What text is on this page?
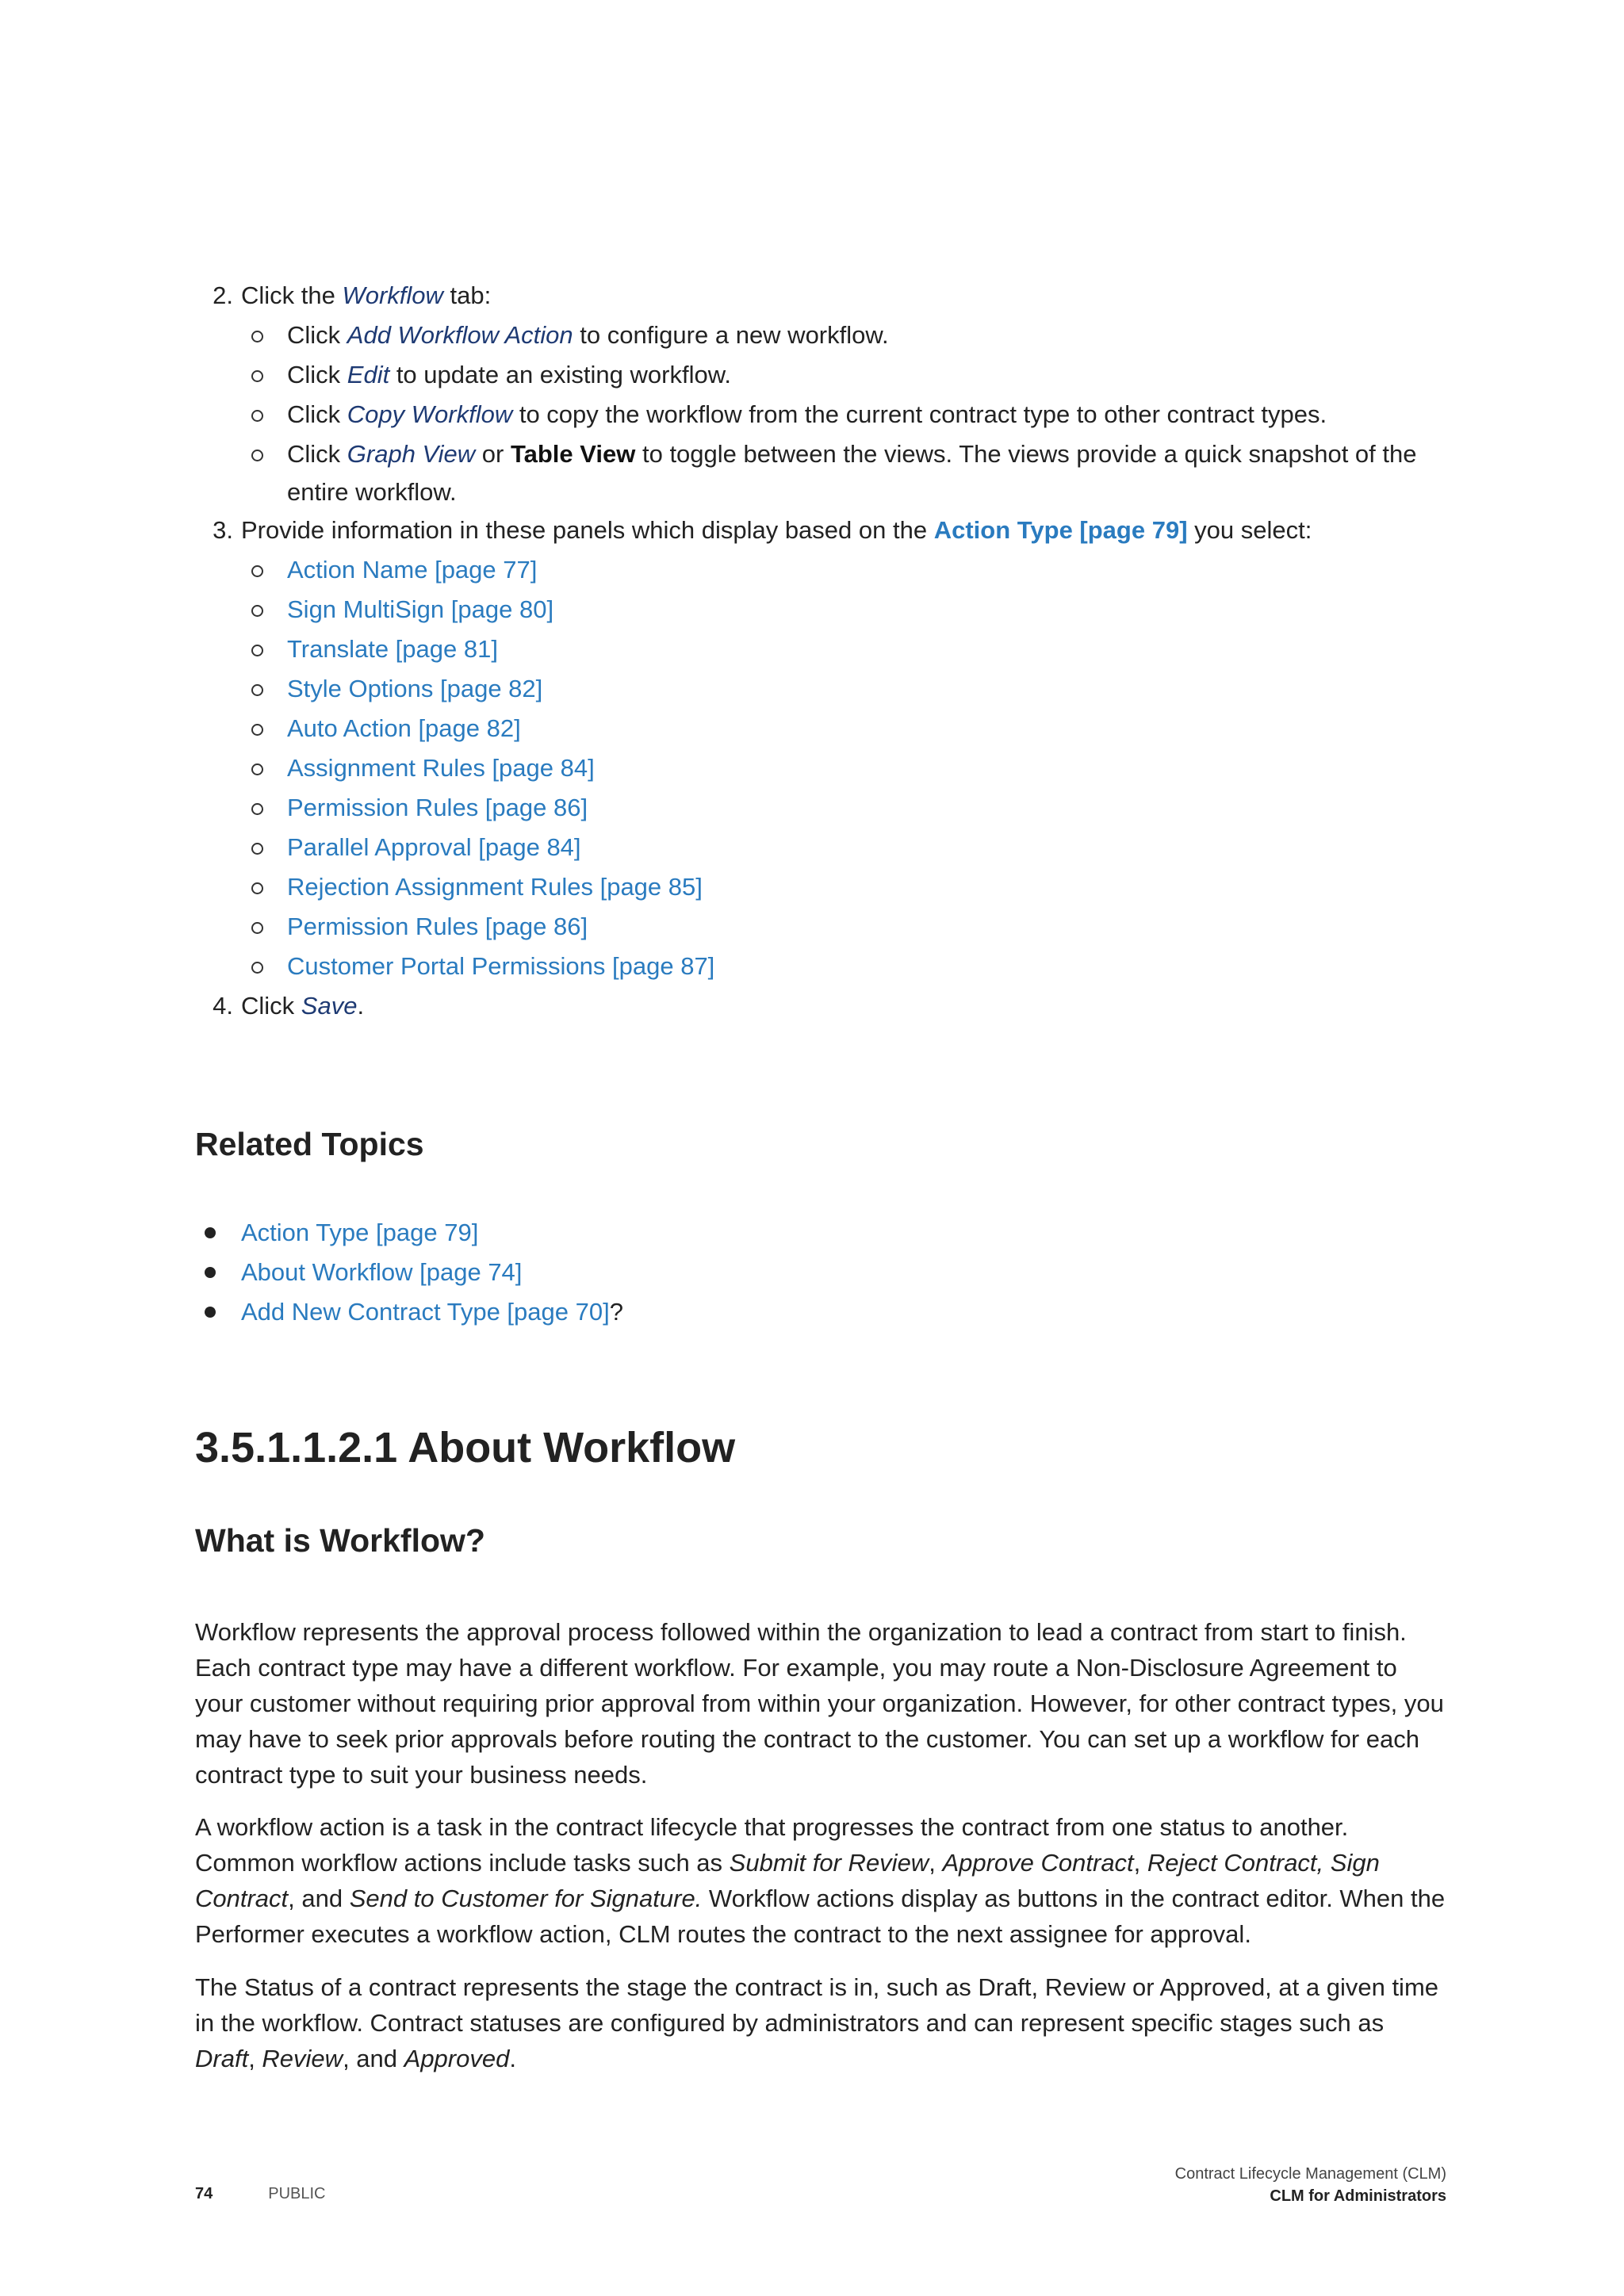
2. Click the Workflow tab:
Click Add Workflow Action to configure a new workflow.
Click Edit to update an existing workflow.
Click Copy Workflow to copy the workflow from the current contract type to other contract types.
Click Graph View or Table View to toggle between the views. The views provide a quick snapshot of the
entire workflow.
3. Provide information in these panels which display based on the Action Type [page 79] you select:
Action Name [page 77]
Sign MultiSign [page 80]
Translate [page 81]
Style Options [page 82]
Auto Action [page 82]
Assignment Rules [page 84]
Permission Rules [page 86]
Parallel Approval [page 84]
Rejection Assignment Rules [page 85]
Permission Rules [page 86]
Customer Portal Permissions [page 87]
4. Click Save.
Related Topics
Action Type [page 79]
About Workflow [page 74]
Add New Contract Type [page 70]?
3.5.1.1.2.1 About Workflow
What is Workflow?

Workflow represents the approval process followed within the organization to lead a contract from start to finish. Each contract type may have a different workflow. For example, you may route a Non-Disclosure Agreement to your customer without requiring prior approval from within your organization. However, for other contract types, you may have to seek prior approvals before routing the contract to the customer. You can set up a workflow for each contract type to suit your business needs.

A workflow action is a task in the contract lifecycle that progresses the contract from one status to another. Common workflow actions include tasks such as Submit for Review, Approve Contract, Reject Contract, Sign Contract, and Send to Customer for Signature. Workflow actions display as buttons in the contract editor. When the Performer executes a workflow action, CLM routes the contract to the next assignee for approval.

The Status of a contract represents the stage the contract is in, such as Draft, Review or Approved, at a given time in the workflow. Contract statuses are configured by administrators and can represent specific stages such as Draft, Review, and Approved.

74	PUBLIC
Contract Lifecycle Management (CLM)
CLM for Administrators
